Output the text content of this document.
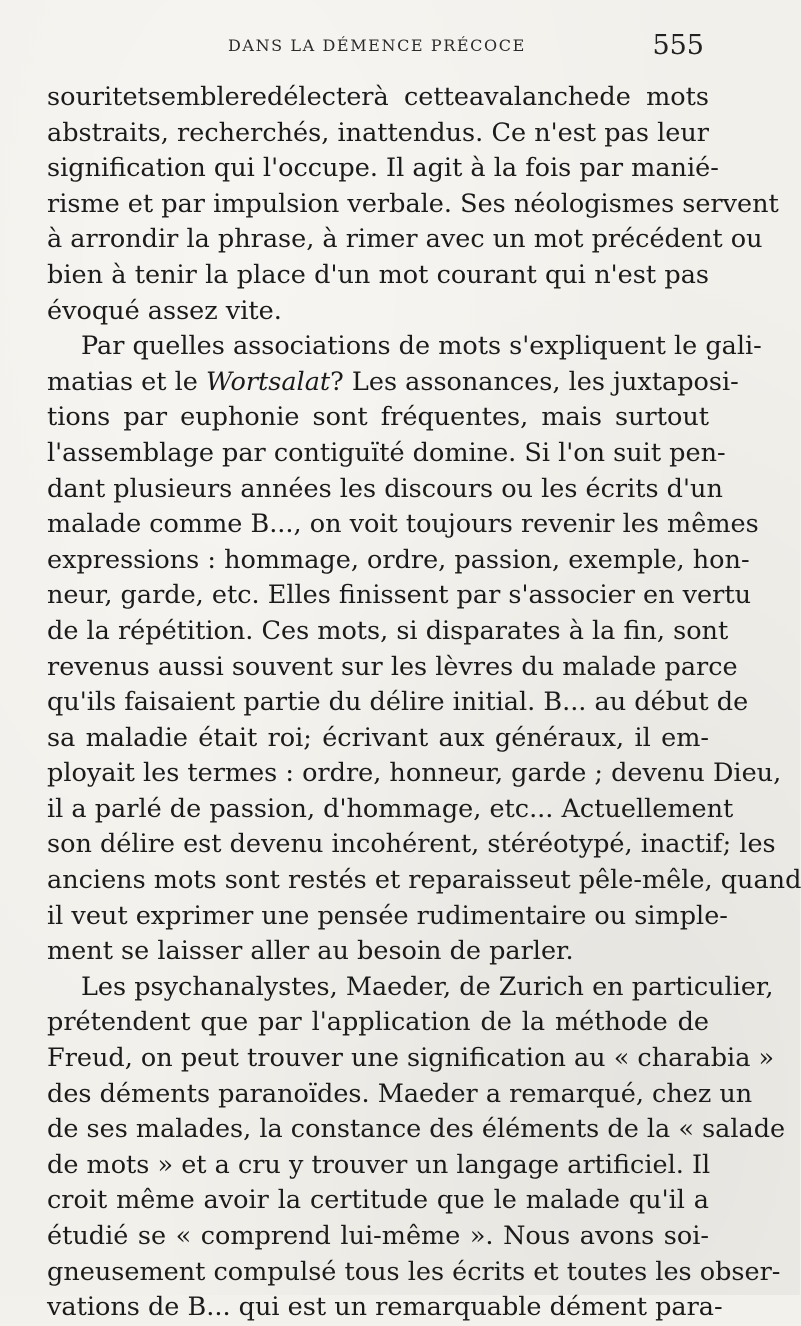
DANS LA DÉMENCE PRÉCOCE	555
souritetsembleredélecterà cetteavalanchede mots
abstraits, recherchés, inattendus. Ce n'est pas leur
signification qui l'occupe. Il agit à la fois par manié-
risme et par impulsion verbale. Ses néologismes servent
à arrondir la phrase, à rimer avec un mot précédent ou
bien à tenir la place d'un mot courant qui n'est pas
évoqué assez vite.
Par quelles associations de mots s'expliquent le gali-
matias et le Wortsalat? Les assonances, les juxtaposi-
tions par euphonie sont fréquentes, mais surtout
l'assemblage par contiguïté domine. Si l'on suit pen-
dant plusieurs années les discours ou les écrits d'un
malade comme B..., on voit toujours revenir les mêmes
expressions : hommage, ordre, passion, exemple, hon-
neur, garde, etc. Elles finissent par s'associer en vertu
de la répétition. Ces mots, si disparates à la fin, sont
revenus aussi souvent sur les lèvres du malade parce
qu'ils faisaient partie du délire initial. B... au début de
sa maladie était roi; écrivant aux généraux, il em-
ployait les termes : ordre, honneur, garde ; devenu Dieu,
il a parlé de passion, d'hommage, etc... Actuellement
son délire est devenu incohérent, stéréotypé, inactif; les
anciens mots sont restés et reparaisseut pêle-mêle, quand
il veut exprimer une pensée rudimentaire ou simple-
ment se laisser aller au besoin de parler.
Les psychanalystes, Maeder, de Zurich en particulier,
prétendent que par l'application de la méthode de
Freud, on peut trouver une signification au « charabia »
des déments paranoïdes. Maeder a remarqué, chez un
de ses malades, la constance des éléments de la « salade
de mots » et a cru y trouver un langage artificiel. Il
croit même avoir la certitude que le malade qu'il a
étudié se « comprend lui-même ». Nous avons soi-
gneusement compulsé tous les écrits et toutes les obser-
vations de B... qui est un remarquable dément para-
